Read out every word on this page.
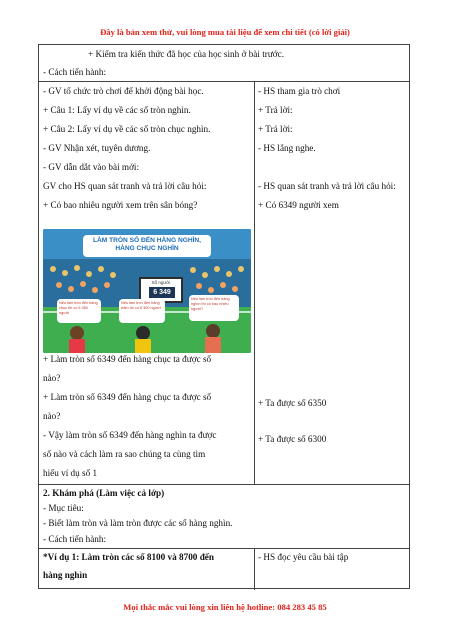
Đây là bản xem thử, vui lòng mua tài liệu để xem chi tiết (có lời giải)
+ Kiểm tra kiến thức đã học của học sinh ở bài trước.
- Cách tiến hành:
- GV tổ chức trò chơi để khởi động bài học.
+ Câu 1: Lấy ví dụ về các số tròn nghìn.
+ Câu 2: Lấy ví dụ về các số tròn chục nghìn.
- GV Nhận xét, tuyên dương.
- GV dẫn dắt vào bài mới:
GV cho HS quan sát tranh và trả lời câu hỏi:
+ Có bao nhiêu người xem trên sân bóng?
- HS tham gia trò chơi
+ Trả lời:
+ Trả lời:
- HS lắng nghe.
- HS quan sát tranh và trả lời câu hỏi:
+ Có 6349 người xem
LÀM TRÒN SỐ ĐẾN HÀNG NGHÌN,
HÀNG CHỤC NGHÌN
Số người
6 349
Nếu làm tròn đến hàng chục thì có 6 350 người
Nếu làm tròn đến hàng trăm thì có 6 300 người
Nếu làm tròn đến hàng nghìn thì có bao nhiêu người?
+ Làm tròn số 6349 đến hàng chục ta được số
nào?
+ Làm tròn số 6349 đến hàng chục ta được số
nào?
- Vậy làm tròn số 6349 đến hàng nghìn ta được
số nào và cách làm ra sao chúng ta cùng tìm
hiểu ví dụ số 1
+ Ta được số 6350
+ Ta được số 6300
2. Khám phá (Làm việc cả lớp)
- Mục tiêu:
- Biết làm tròn và làm tròn được các số hàng nghìn.
- Cách tiến hành:
*Ví dụ 1: Làm tròn các số 8100 và 8700 đến
hàng nghìn
- HS đọc yêu cầu bài tập
Mọi thắc mắc vui lòng xin liên hệ hotline: 084 283 45 85
